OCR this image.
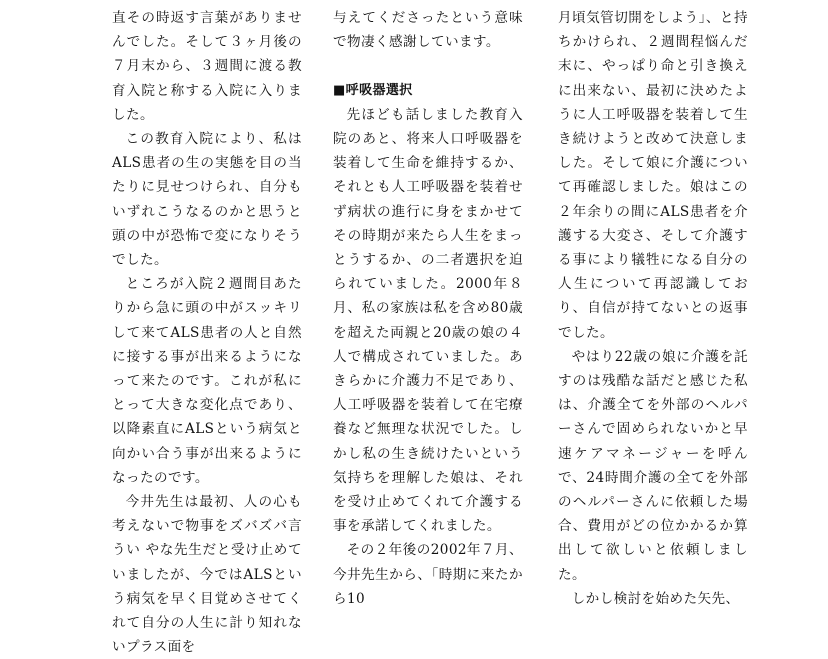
直その時返す言葉がありませんでした。そして３ヶ月後の７月末から、３週間に渡る教育入院と称する入院に入りました。

この教育入院により、私はALS患者の生の実態を目の当たりに見せつけられ、自分もいずれこうなるのかと思うと頭の中が恐怖で変になりそうでした。

ところが入院２週間目あたりから急に頭の中がスッキリして来てALS患者の人と自然に接する事が出来るようになって来たのです。これが私にとって大きな変化点であり、以降素直にALSという病気と向かい合う事が出来るようになったのです。

今井先生は最初、人の心も考えないで物事をズバズバ言うい やな先生だと受け止めていましたが、今ではALSという病気を早く目覚めさせてくれて自分の人生に計り知れないプラス面を

与えてくださったという意味で物凄く感謝しています。

■呼吸器選択

先ほども話しました教育入院のあと、将来人口呼吸器を装着して生命を維持するか、それとも人工呼吸器を装着せず病状の進行に身をまかせてその時期が来たら人生をまっとうするか、の二者選択を迫られていました。2000年８月、私の家族は私を含め80歳を超えた両親と20歳の娘の４人で構成されていました。あきらかに介護力不足であり、人工呼吸器を装着して在宅療養など無理な状況でした。しかし私の生き続けたいという気持ちを理解した娘は、それを受け止めてくれて介護する事を承諾してくれました。

その２年後の2002年７月、今井先生から、「時期に来たから10

月頃気管切開をしよう」、と持ちかけられ、２週間程悩んだ末に、やっぱり命と引き換えに出来ない、最初に決めたように人工呼吸器を装着して生き続けようと改めて決意しました。そして娘に介護について再確認しました。娘はこの２年余りの間にALS患者を介護する大変さ、そして介護する事により犠牲になる自分の人生について再認識しており、自信が持てないとの返事でした。

やはり22歳の娘に介護を託すのは残酷な話だと感じた私は、介護全てを外部のヘルパーさんで固められないかと早速ケアマネージャーを呼んで、24時間介護の全てを外部のヘルパーさんに依頼した場合、費用がどの位かかるか算出して欲しいと依頼しました。

しかし検討を始めた矢先、
